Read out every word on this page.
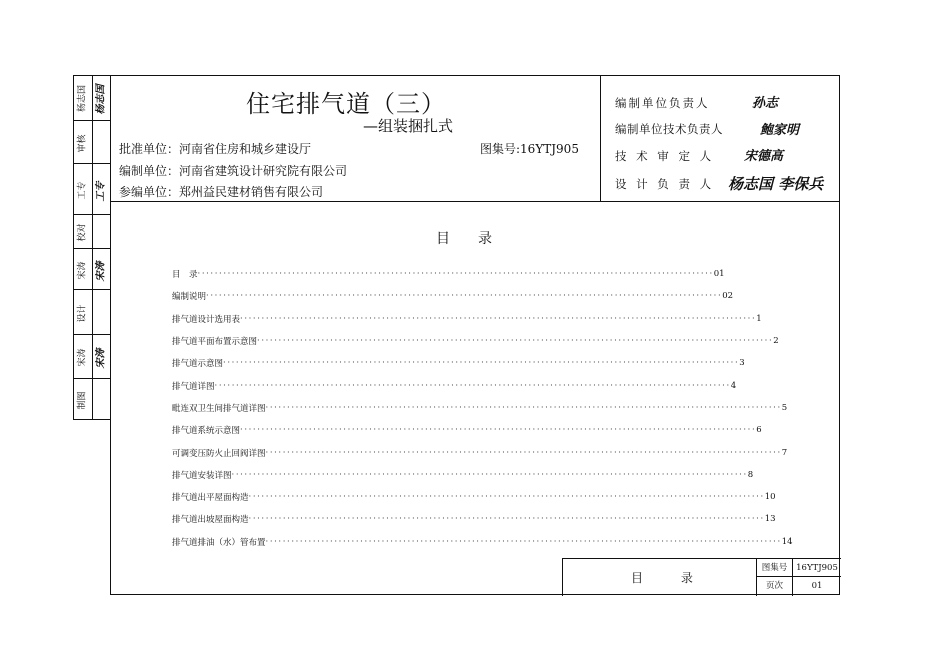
杨志国 杨志国
审核
工专 工专
校对
宋涛 宋涛
设计
宋涛 宋涛
制图
住宅排气道（三）
—组装捆扎式
批准单位：河南省住房和城乡建设厅
编制单位：河南省建筑设计研究院有限公司
参编单位：郑州益民建材销售有限公司
图集号:16YTJ905
编制单位负责人
编制单位技术负责人
技 术 审 定 人
设 计 负 责 人
孙志
鲍家明
宋德高
杨志国 李保兵
目　　录
目　录 ························································································································ 01
编制说明 ························································································································ 02
排气道设计选用表 ························································································································ 1
排气道平面布置示意图 ························································································································ 2
排气道示意图 ························································································································ 3
排气道详图 ························································································································ 4
毗连双卫生间排气道详图 ························································································································ 5
排气道系统示意图 ························································································································ 6
可调变压防火止回阀详图 ························································································································ 7
排气道安装详图 ························································································································ 8
排气道出平屋面构造 ························································································································ 10
排气道出坡屋面构造 ························································································································ 13
排气道排油（水）管布置 ························································································································ 14
目 录
图集号	16YTJ905
页次	01
